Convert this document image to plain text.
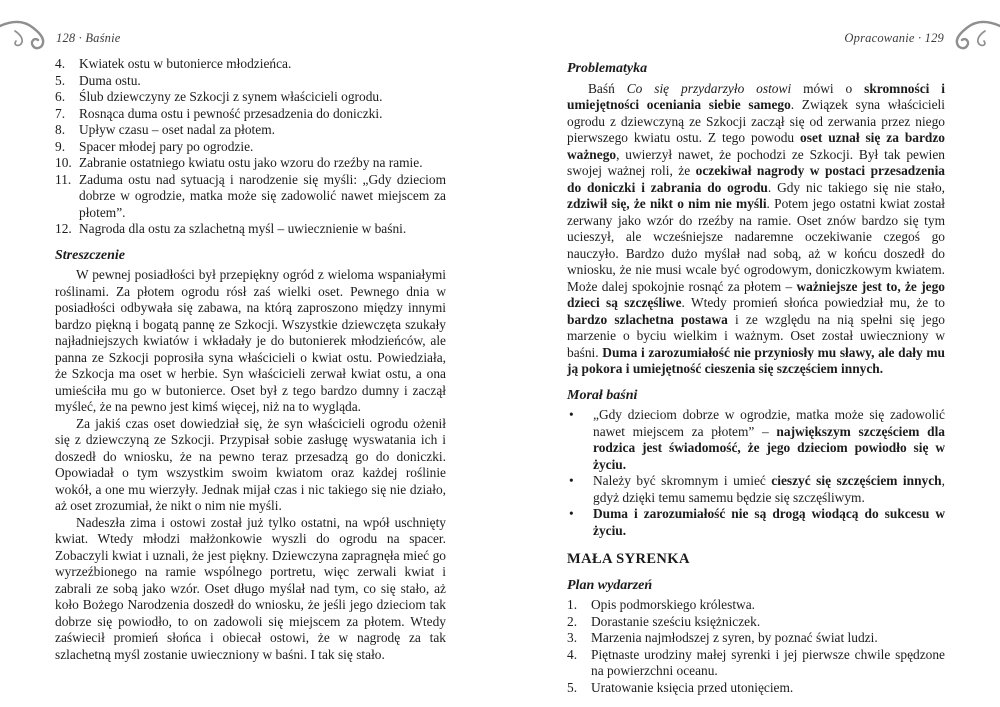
128 · Baśnie	Opracowanie · 129
4.	Kwiatek ostu w butonierce młodzieńca.
5.	Duma ostu.
6.	Ślub dziewczyny ze Szkocji z synem właścicieli ogrodu.
7.	Rosnąca duma ostu i pewność przesadzenia do doniczki.
8.	Upływ czasu – oset nadal za płotem.
9.	Spacer młodej pary po ogrodzie.
10. Zabranie ostatniego kwiatu ostu jako wzoru do rzeźby na ramie.
11. Zaduma ostu nad sytuacją i narodzenie się myśli: „Gdy dzieciom dobrze w ogrodzie, matka może się zadowolić nawet miejscem za płotem”.
12. Nagroda dla ostu za szlachetną myśl – uwiecznienie w baśni.
Streszczenie

W pewnej posiadłości był przepiękny ogród z wieloma wspaniałymi roślinami. Za płotem ogrodu rósł zaś wielki oset. Pewnego dnia w posiadłości odbywała się zabawa, na którą zaproszono między innymi bardzo piękną i bogatą pannę ze Szkocji. Wszystkie dziewczęta szukały najładniejszych kwiatów i wkładały je do butonierek młodzieńców, ale panna ze Szkocji poprosiła syna właścicieli o kwiat ostu. Powiedziała, że Szkocja ma oset w herbie. Syn właścicieli zerwał kwiat ostu, a ona umieściła mu go w butonierce. Oset był z tego bardzo dumny i zaczął myśleć, że na pewno jest kimś więcej, niż na to wygląda.

Za jakiś czas oset dowiedział się, że syn właścicieli ogrodu ożenił się z dziewczyną ze Szkocji. Przypisał sobie zasługę wyswatania ich i doszedł do wniosku, że na pewno teraz przesadzą go do doniczki. Opowiadał o tym wszystkim swoim kwiatom oraz każdej roślinie wokół, a one mu wierzyły. Jednak mijał czas i nic takiego się nie działo, aż oset zrozumiał, że nikt o nim nie myśli.

Nadeszła zima i ostowi został już tylko ostatni, na wpół uschnięty kwiat. Wtedy młodzi małżonkowie wyszli do ogrodu na spacer. Zobaczyli kwiat i uznali, że jest piękny. Dziewczyna zapragnęła mieć go wyrzeźbionego na ramie wspólnego portretu, więc zerwali kwiat i zabrali ze sobą jako wzór. Oset długo myślał nad tym, co się stało, aż koło Bożego Narodzenia doszedł do wniosku, że jeśli jego dzieciom tak dobrze się powiodło, to on zadowoli się miejscem za płotem. Wtedy zaświecił promień słońca i obiecał ostowi, że w nagrodę za tak szlachetną myśl zostanie uwieczniony w baśni. I tak się stało.

Problematyka

Baśń Co się przydarzyło ostowi mówi o skromności i umiejętności oceniania siebie samego. Związek syna właścicieli ogrodu z dziewczyną ze Szkocji zaczął się od zerwania przez niego pierwszego kwiatu ostu. Z tego powodu oset uznał się za bardzo ważnego, uwierzył nawet, że pochodzi ze Szkocji. Był tak pewien swojej ważnej roli, że oczekiwał nagrody w postaci przesadzenia do doniczki i zabrania do ogrodu. Gdy nic takiego się nie stało, zdziwił się, że nikt o nim nie myśli. Potem jego ostatni kwiat został zerwany jako wzór do rzeźby na ramie. Oset znów bardzo się tym ucieszył, ale wcześniejsze nadaremne oczekiwanie czegoś go nauczyło. Bardzo dużo myślał nad sobą, aż w końcu doszedł do wniosku, że nie musi wcale być ogrodowym, doniczkowym kwiatem. Może dalej spokojnie rosnąć za płotem – ważniejsze jest to, że jego dzieci są szczęśliwe. Wtedy promień słońca powiedział mu, że to bardzo szlachetna postawa i ze względu na nią spełni się jego marzenie o byciu wielkim i ważnym. Oset został uwieczniony w baśni. Duma i zarozumiałość nie przyniosły mu sławy, ale dały mu ją pokora i umiejętność cieszenia się szczęściem innych.

Morał baśni
•	„Gdy dzieciom dobrze w ogrodzie, matka może się zadowolić nawet miejscem za płotem” – największym szczęściem dla rodzica jest świadomość, że jego dzieciom powiodło się w życiu.
•	Należy być skromnym i umieć cieszyć się szczęściem innych, gdyż dzięki temu samemu będzie się szczęśliwym.
•	Duma i zarozumiałość nie są drogą wiodącą do sukcesu w życiu.
MAŁA SYRENKA
Plan wydarzeń
1.	Opis podmorskiego królestwa.
2.	Dorastanie sześciu księżniczek.
3.	Marzenia najmłodszej z syren, by poznać świat ludzi.
4.	Piętnaste urodziny małej syrenki i jej pierwsze chwile spędzone na powierzchni oceanu.
5.	Uratowanie księcia przed utonięciem.
